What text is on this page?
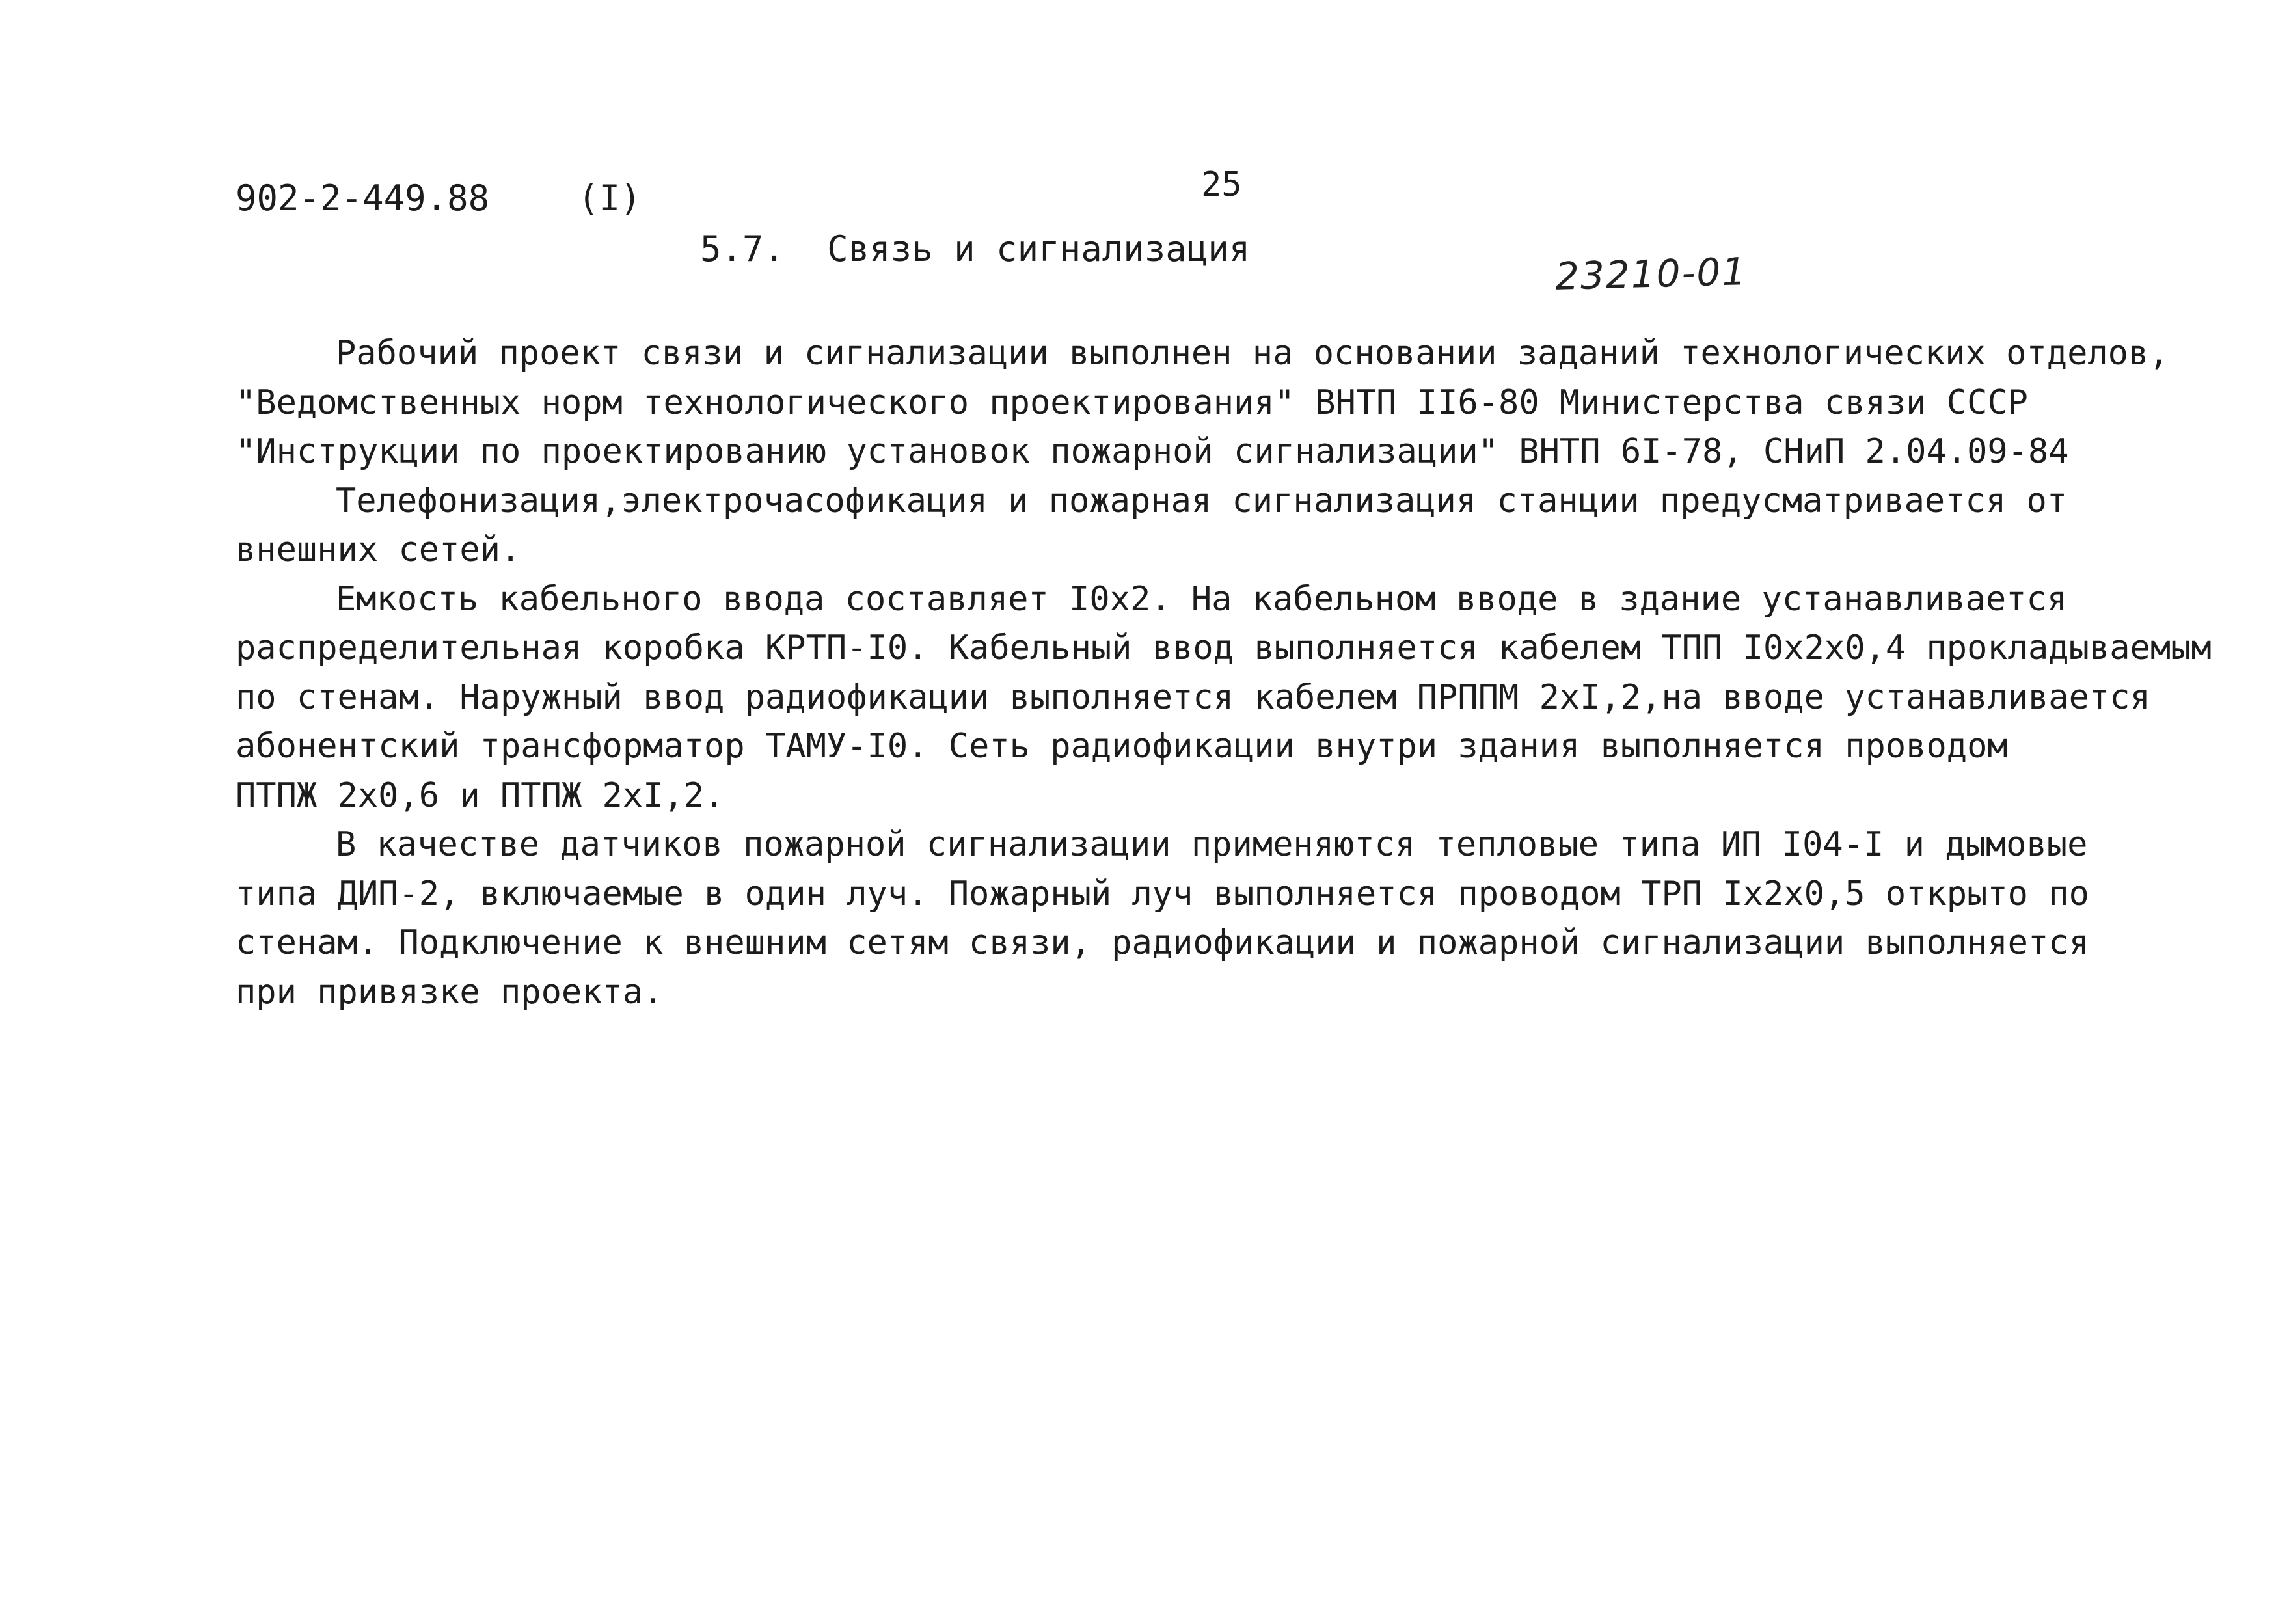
902-2-449.88	(I)	25
5.7.  Связь и сигнализация
23210-01
Рабочий проект связи и сигнализации выполнен на основании заданий технологических отделов,
"Ведомственных норм технологического проектирования" ВНТП II6-80 Министерства связи СССР
"Инструкции по проектированию установок пожарной сигнализации" ВНТП 6I-78, СНиП 2.04.09-84
Телефонизация,электрочасофикация и пожарная сигнализация станции предусматривается от
внешних сетей.
Емкость кабельного ввода составляет I0x2. На кабельном вводе в здание устанавливается
распределительная коробка КРТП-I0. Кабельный ввод выполняется кабелем ТПП I0x2x0,4 прокладываемым
по стенам. Наружный ввод радиофикации выполняется кабелем ПРППМ 2xI,2,на вводе устанавливается
абонентский трансформатор ТАМУ-I0. Сеть радиофикации внутри здания выполняется проводом
ПТПЖ 2x0,6 и ПТПЖ 2xI,2.
В качестве датчиков пожарной сигнализации применяются тепловые типа ИП I04-I и дымовые
типа ДИП-2, включаемые в один луч. Пожарный луч выполняется проводом ТРП Ix2x0,5 открыто по
стенам. Подключение к внешним сетям связи, радиофикации и пожарной сигнализации выполняется
при привязке проекта.
